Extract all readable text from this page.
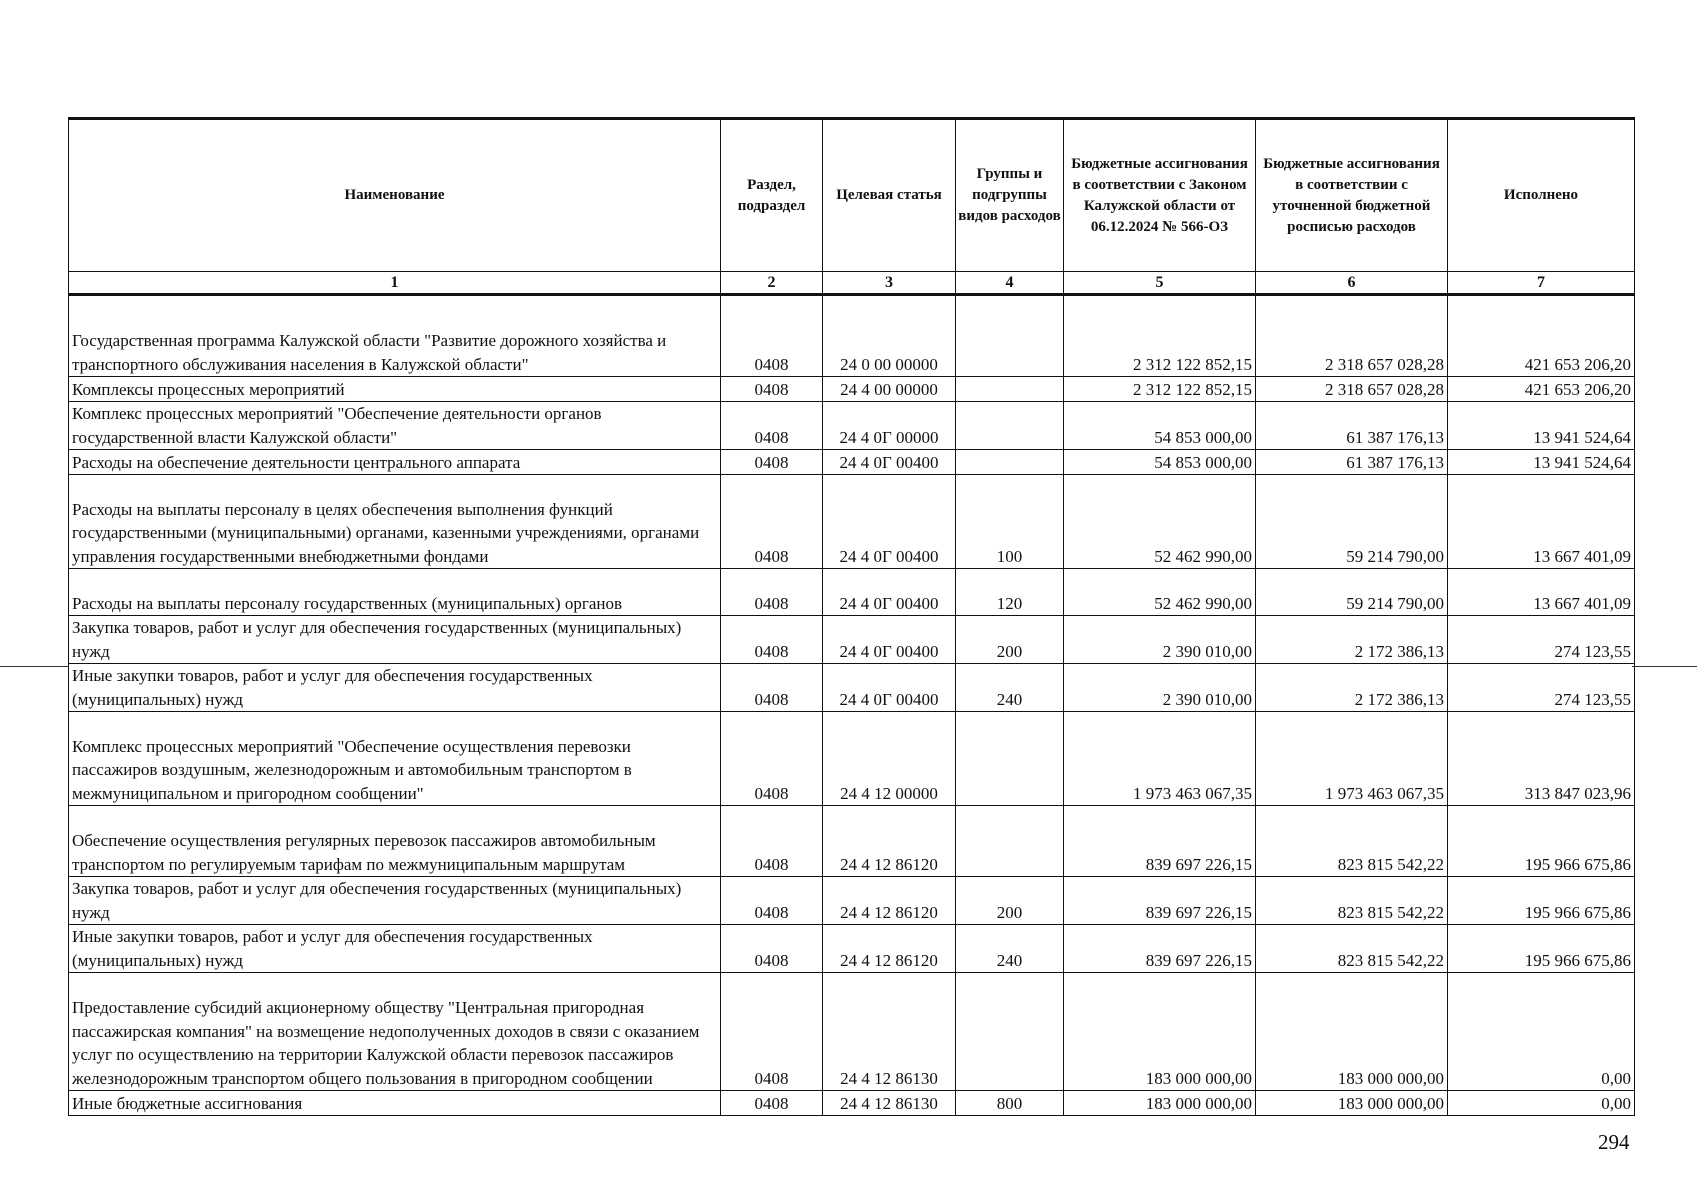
Наименование	Раздел, подраздел	Целевая статья	Группы и подгруппы видов расходов	Бюджетные ассигнования в соответствии с Законом Калужской области от 06.12.2024 № 566-ОЗ	Бюджетные ассигнования в соответствии с уточненной бюджетной росписью расходов	Исполнено
1	2	3	4	5	6	7
Государственная программа Калужской области "Развитие дорожного хозяйства и транспортного обслуживания населения в Калужской области"	0408	24 0 00 00000		2 312 122 852,15	2 318 657 028,28	421 653 206,20
Комплексы процессных мероприятий	0408	24 4 00 00000		2 312 122 852,15	2 318 657 028,28	421 653 206,20
Комплекс процессных мероприятий "Обеспечение деятельности органов государственной власти Калужской области"	0408	24 4 0Г 00000		54 853 000,00	61 387 176,13	13 941 524,64
Расходы на обеспечение деятельности центрального аппарата	0408	24 4 0Г 00400		54 853 000,00	61 387 176,13	13 941 524,64
Расходы на выплаты персоналу в целях обеспечения выполнения функций государственными (муниципальными) органами, казенными учреждениями, органами управления государственными внебюджетными фондами	0408	24 4 0Г 00400	100	52 462 990,00	59 214 790,00	13 667 401,09
Расходы на выплаты персоналу государственных (муниципальных) органов	0408	24 4 0Г 00400	120	52 462 990,00	59 214 790,00	13 667 401,09
Закупка товаров, работ и услуг для обеспечения государственных (муниципальных) нужд	0408	24 4 0Г 00400	200	2 390 010,00	2 172 386,13	274 123,55
Иные закупки товаров, работ и услуг для обеспечения государственных (муниципальных) нужд	0408	24 4 0Г 00400	240	2 390 010,00	2 172 386,13	274 123,55
Комплекс процессных мероприятий "Обеспечение осуществления перевозки пассажиров воздушным, железнодорожным и автомобильным транспортом в межмуниципальном и пригородном сообщении"	0408	24 4 12 00000		1 973 463 067,35	1 973 463 067,35	313 847 023,96
Обеспечение осуществления регулярных перевозок пассажиров автомобильным транспортом по регулируемым тарифам по межмуниципальным маршрутам	0408	24 4 12 86120		839 697 226,15	823 815 542,22	195 966 675,86
Закупка товаров, работ и услуг для обеспечения государственных (муниципальных) нужд	0408	24 4 12 86120	200	839 697 226,15	823 815 542,22	195 966 675,86
Иные закупки товаров, работ и услуг для обеспечения государственных (муниципальных) нужд	0408	24 4 12 86120	240	839 697 226,15	823 815 542,22	195 966 675,86
Предоставление субсидий акционерному обществу "Центральная пригородная пассажирская компания" на возмещение недополученных доходов в связи с оказанием услуг по осуществлению на территории Калужской области перевозок пассажиров железнодорожным транспортом общего пользования в пригородном сообщении	0408	24 4 12 86130		183 000 000,00	183 000 000,00	0,00
Иные бюджетные ассигнования	0408	24 4 12 86130	800	183 000 000,00	183 000 000,00	0,00
294
